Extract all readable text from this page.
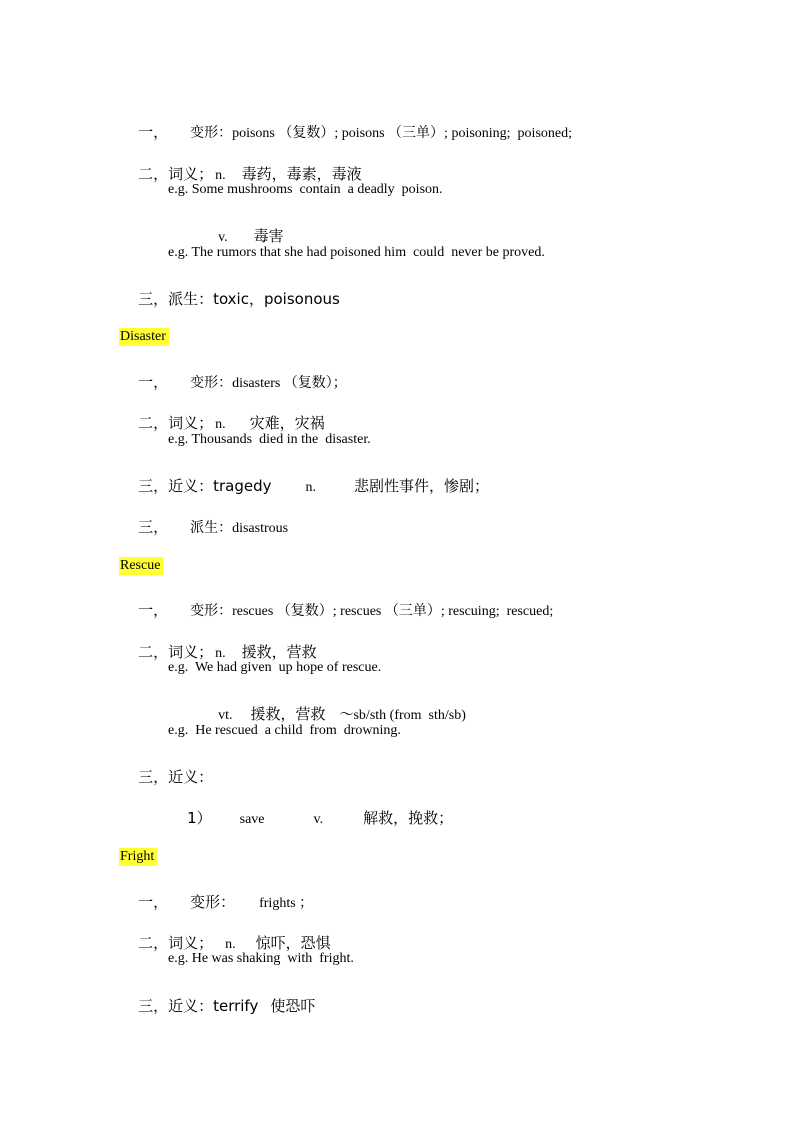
一， 变形：poisons （复数）; poisons （三单）; poisoning;  poisoned;

二，词义； n. 毒药，毒素，毒液

e.g. Some mushrooms  contain  a deadly  poison.

v. 毒害

e.g. The rumors that she had poisoned him  could  never be proved.

三，派生：toxic，poisonous

Disaster

一， 变形：disasters （复数）；

二，词义； n. 灾难，灾祸

e.g. Thousands  died in the  disaster.

三，近义：tragedy n.	悲剧性事件，惨剧；

三， 派生：disastrous

Rescue

一， 变形：rescues （复数）; rescues （三单）; rescuing;  rescued;

二，词义； n. 援救，营救

e.g.  We had given  up hope of rescue.

vt. 援救，营救 ～sb/sth (from  sth/sb)

e.g.  He rescued  a child  from  drowning.

三，近义：

1） save	v.	解救，挽救；

Fright

一， 变形： frights ；

二，词义； n. 惊吓，恐惧

e.g. He was shaking  with  fright.

三，近义：terrify 使恐吓
